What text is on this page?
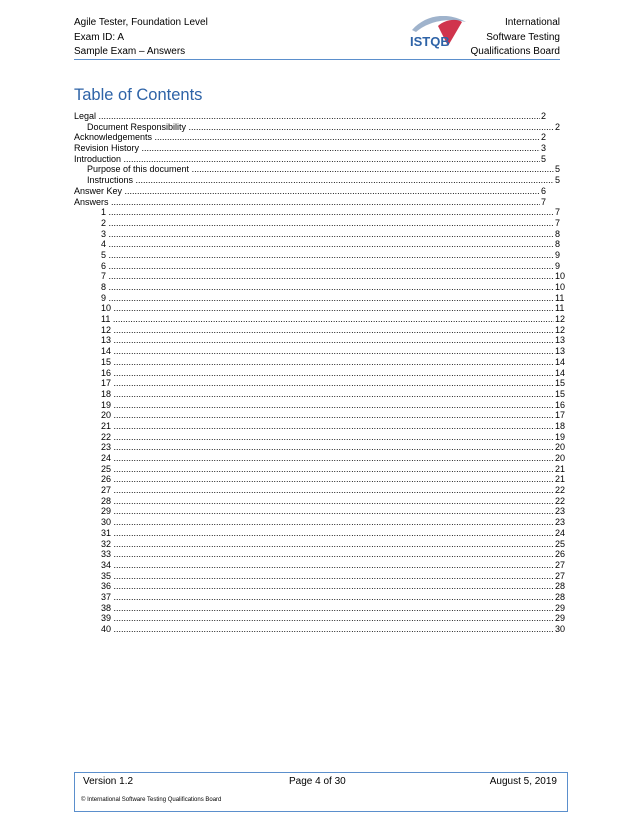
Agile Tester, Foundation Level
Exam ID: A
Sample Exam – Answers
ISTQB
International
Software Testing
Qualifications Board
Table of Contents
Legal .....	2
Document Responsibility .....	2
Acknowledgements .....	2
Revision History .....	3
Introduction .....	5
Purpose of this document .....	5
Instructions .....	5
Answer Key .....	6
Answers .....	7
1 .....	7
2 .....	7
3 .....	8
4 .....	8
5 .....	9
6 .....	9
7 .....	10
8 .....	10
9 .....	11
10 .....	11
11 .....	12
12 .....	12
13 .....	13
14 .....	13
15 .....	14
16 .....	14
17 .....	15
18 .....	15
19 .....	16
20 .....	17
21 .....	18
22 .....	19
23 .....	20
24 .....	20
25 .....	21
26 .....	21
27 .....	22
28 .....	22
29 .....	23
30 .....	23
31 .....	24
32 .....	25
33 .....	26
34 .....	27
35 .....	27
36 .....	28
37 .....	28
38 .....	29
39 .....	29
40 .....	30
Version 1.2	Page 4 of 30	August 5, 2019
© International Software Testing Qualifications Board
